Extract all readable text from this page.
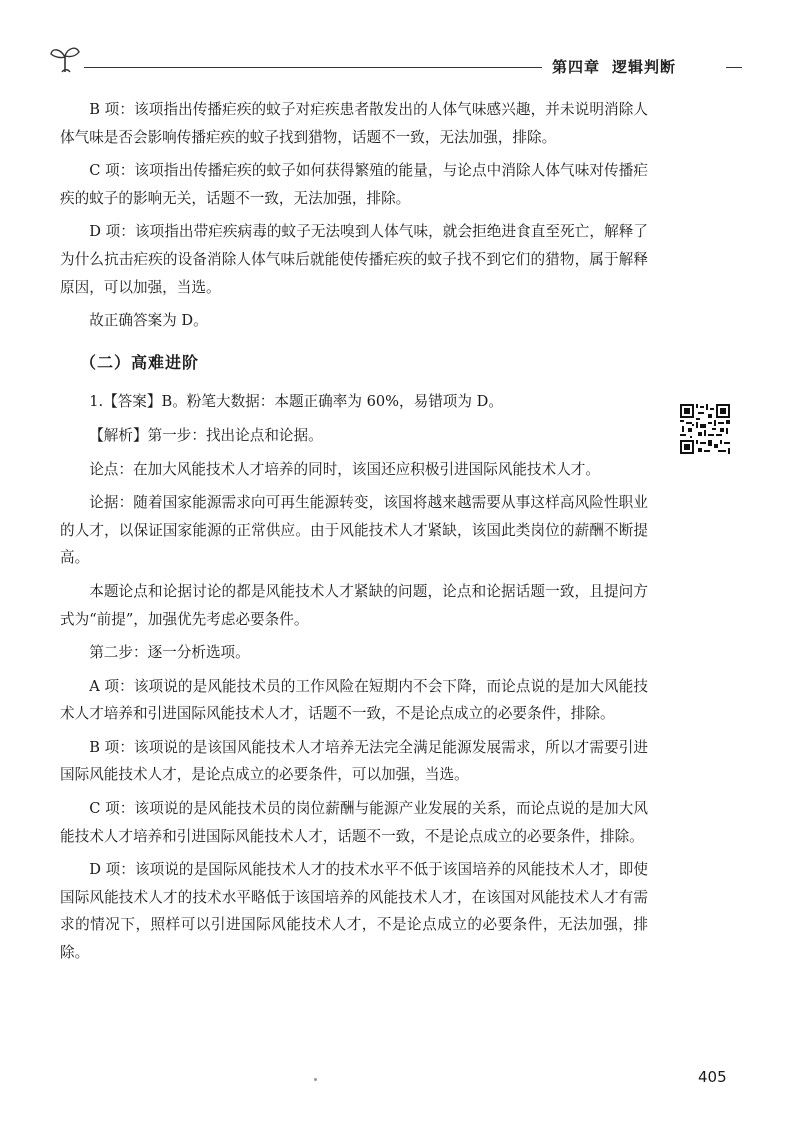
第四章 逻辑判断

B 项：该项指出传播疟疾的蚊子对疟疾患者散发出的人体气味感兴趣，并未说明消除人体气味是否会影响传播疟疾的蚊子找到猎物，话题不一致，无法加强，排除。

C 项：该项指出传播疟疾的蚊子如何获得繁殖的能量，与论点中消除人体气味对传播疟疾的蚊子的影响无关，话题不一致，无法加强，排除。

D 项：该项指出带疟疾病毒的蚊子无法嗅到人体气味，就会拒绝进食直至死亡，解释了为什么抗击疟疾的设备消除人体气味后就能使传播疟疾的蚊子找不到它们的猎物，属于解释原因，可以加强，当选。

故正确答案为 D。

（二）高难进阶

1.【答案】B。粉笔大数据：本题正确率为 60%，易错项为 D。

【解析】第一步：找出论点和论据。

论点：在加大风能技术人才培养的同时，该国还应积极引进国际风能技术人才。

论据：随着国家能源需求向可再生能源转变，该国将越来越需要从事这样高风险性职业的人才，以保证国家能源的正常供应。由于风能技术人才紧缺，该国此类岗位的薪酬不断提高。

本题论点和论据讨论的都是风能技术人才紧缺的问题，论点和论据话题一致，且提问方式为“前提”，加强优先考虑必要条件。

第二步：逐一分析选项。

A 项：该项说的是风能技术员的工作风险在短期内不会下降，而论点说的是加大风能技术人才培养和引进国际风能技术人才，话题不一致，不是论点成立的必要条件，排除。

B 项：该项说的是该国风能技术人才培养无法完全满足能源发展需求，所以才需要引进国际风能技术人才，是论点成立的必要条件，可以加强，当选。

C 项：该项说的是风能技术员的岗位薪酬与能源产业发展的关系，而论点说的是加大风能技术人才培养和引进国际风能技术人才，话题不一致，不是论点成立的必要条件，排除。

D 项：该项说的是国际风能技术人才的技术水平不低于该国培养的风能技术人才，即使国际风能技术人才的技术水平略低于该国培养的风能技术人才，在该国对风能技术人才有需求的情况下，照样可以引进国际风能技术人才，不是论点成立的必要条件，无法加强，排除。

405
